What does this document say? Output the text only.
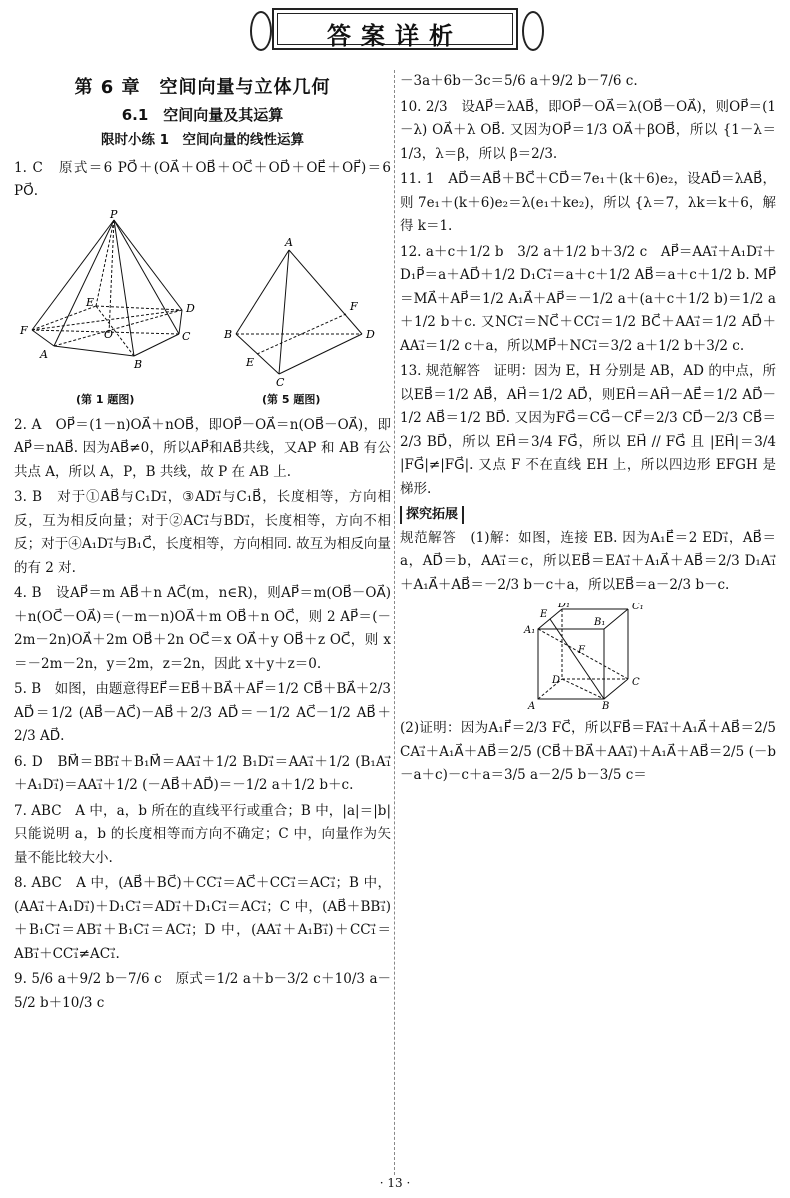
答案详析
第 6 章　空间向量与立体几何
6.1　空间向量及其运算
限时小练 1　空间向量的线性运算

1. C　原式＝6 PO⃗＋(OA⃗＋OB⃗＋OC⃗＋OD⃗＋OE⃗＋OF⃗)＝6 PO⃗.

P
E	D
F	O	C
A
B
A
F
B	D
E
C
(第 1 题图)	(第 5 题图)

2. A　OP⃗＝(1－n)OA⃗＋nOB⃗，即OP⃗－OA⃗＝n(OB⃗－OA⃗)，即AP⃗＝nAB⃗. 因为AB⃗≠0，所以AP⃗和AB⃗共线，又AP 和 AB 有公共点 A，所以 A，P，B 共线，故 P 在 AB 上.

3. B　对于①AB⃗与C₁D₁⃗，③AD₁⃗与C₁B⃗，长度相等，方向相反，互为相反向量；对于②AC₁⃗与BD₁⃗，长度相等，方向不相反；对于④A₁D₁⃗与B₁C⃗，长度相等，方向相同. 故互为相反向量的有 2 对.

4. B　设AP⃗＝m AB⃗＋n AC⃗(m，n∈R)，则AP⃗＝m(OB⃗－OA⃗)＋n(OC⃗－OA⃗)＝(－m－n)OA⃗＋m OB⃗＋n OC⃗，则 2 AP⃗＝(－2m－2n)OA⃗＋2m OB⃗＋2n OC⃗＝x OA⃗＋y OB⃗＋z OC⃗，则 x＝－2m－2n，y＝2m，z＝2n，因此 x＋y＋z＝0.

5. B　如图，由题意得EF⃗＝EB⃗＋BA⃗＋AF⃗＝1/2 CB⃗＋BA⃗＋2/3 AD⃗＝1/2 (AB⃗－AC⃗)－AB⃗＋2/3 AD⃗＝－1/2 AC⃗－1/2 AB⃗＋2/3 AD⃗.

6. D　BM⃗＝BB₁⃗＋B₁M⃗＝AA₁⃗＋1/2 B₁D₁⃗＝AA₁⃗＋1/2 (B₁A₁⃗＋A₁D₁⃗)＝AA₁⃗＋1/2 (－AB⃗＋AD⃗)＝－1/2 a＋1/2 b＋c.

7. ABC　A 中，a，b 所在的直线平行或重合；B 中，|a|＝|b| 只能说明 a，b 的长度相等而方向不确定；C 中，向量作为矢量不能比较大小.

8. ABC　A 中，(AB⃗＋BC⃗)＋CC₁⃗＝AC⃗＋CC₁⃗＝AC₁⃗；B 中，(AA₁⃗＋A₁D₁⃗)＋D₁C₁⃗＝AD₁⃗＋D₁C₁⃗＝AC₁⃗；C 中，(AB⃗＋BB₁⃗)＋B₁C₁⃗＝AB₁⃗＋B₁C₁⃗＝AC₁⃗；D 中，(AA₁⃗＋A₁B₁⃗)＋CC₁⃗＝AB₁⃗＋CC₁⃗≠AC₁⃗.

9. 5/6 a＋9/2 b－7/6 c　原式＝1/2 a＋b－3/2 c＋10/3 a－5/2 b＋10/3 c

－3a＋6b－3c＝5/6 a＋9/2 b－7/6 c.

10. 2/3　设AP⃗＝λAB⃗，即OP⃗－OA⃗＝λ(OB⃗－OA⃗)，则OP⃗＝(1－λ) OA⃗＋λ OB⃗. 又因为OP⃗＝1/3 OA⃗＋βOB⃗，所以 {1－λ＝1/3，λ＝β，所以 β＝2/3.

11. 1　AD⃗＝AB⃗＋BC⃗＋CD⃗＝7e₁＋(k＋6)e₂，设AD⃗＝λAB⃗，则 7e₁＋(k＋6)e₂＝λ(e₁＋ke₂)，所以 {λ＝7，λk＝k＋6，解得 k＝1.

12. a＋c＋1/2 b　3/2 a＋1/2 b＋3/2 c　AP⃗＝AA₁⃗＋A₁D₁⃗＋D₁P⃗＝a＋AD⃗＋1/2 D₁C₁⃗＝a＋c＋1/2 AB⃗＝a＋c＋1/2 b. MP⃗＝MA⃗＋AP⃗＝1/2 A₁A⃗＋AP⃗＝－1/2 a＋(a＋c＋1/2 b)＝1/2 a＋1/2 b＋c. 又NC₁⃗＝NC⃗＋CC₁⃗＝1/2 BC⃗＋AA₁⃗＝1/2 AD⃗＋AA₁⃗＝1/2 c＋a，所以MP⃗＋NC₁⃗＝3/2 a＋1/2 b＋3/2 c.

13. 规范解答　证明：因为 E，H 分别是 AB，AD 的中点，所以EB⃗＝1/2 AB⃗，AH⃗＝1/2 AD⃗，则EH⃗＝AH⃗－AE⃗＝1/2 AD⃗－1/2 AB⃗＝1/2 BD⃗. 又因为FG⃗＝CG⃗－CF⃗＝2/3 CD⃗－2/3 CB⃗＝2/3 BD⃗，所以 EH⃗＝3/4 FG⃗，所以 EH⃗ // FG⃗ 且 |EH⃗|＝3/4 |FG⃗|≠|FG⃗|. 又点 F 不在直线 EH 上，所以四边形 EFGH 是梯形.

探究拓展

规范解答　(1)解：如图，连接 EB. 因为A₁E⃗＝2 ED₁⃗，AB⃗＝a，AD⃗＝b，AA₁⃗＝c，所以EB⃗＝EA₁⃗＋A₁A⃗＋AB⃗＝2/3 D₁A₁⃗＋A₁A⃗＋AB⃗＝－2/3 b－c＋a，所以EB⃗＝a－2/3 b－c.

E
D₁	C₁
A₁
B₁
F
D	C
A	B

(2)证明：因为A₁F⃗＝2/3 FC⃗，所以FB⃗＝FA₁⃗＋A₁A⃗＋AB⃗＝2/5 CA₁⃗＋A₁A⃗＋AB⃗＝2/5 (CB⃗＋BA⃗＋AA₁⃗)＋A₁A⃗＋AB⃗＝2/5 (－b－a＋c)－c＋a＝3/5 a－2/5 b－3/5 c＝

· 13 ·
